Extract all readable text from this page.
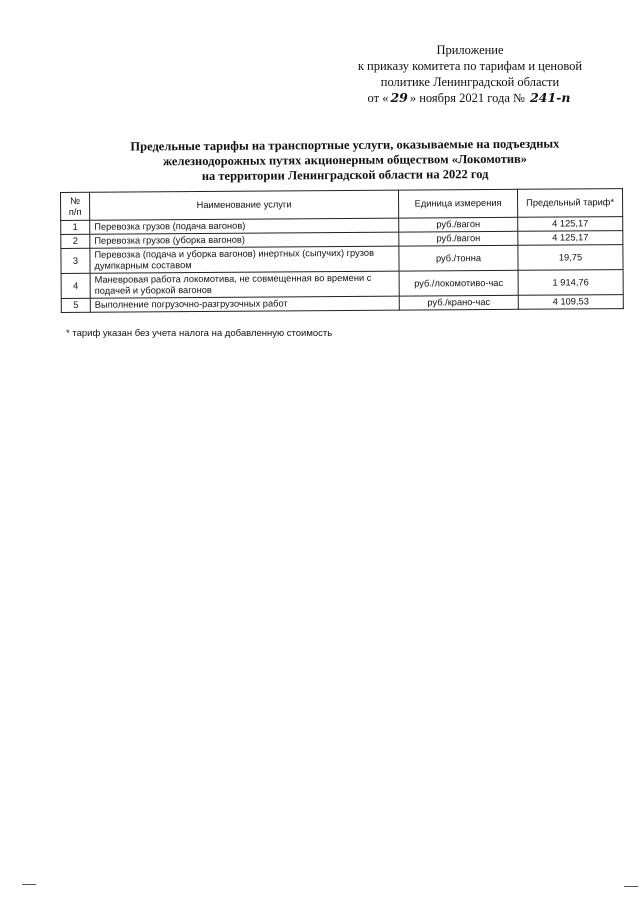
Приложение
к приказу комитета по тарифам и ценовой
политике Ленинградской области
от « 29 » ноября 2021 года № 241-п
Предельные тарифы на транспортные услуги, оказываемые на подъездных
железнодорожных путях акционерным обществом «Локомотив»
на территории Ленинградской области на 2022 год
№
п/п	Наименование услуги	Единица измерения	Предельный тариф*
1	Перевозка грузов (подача вагонов)	руб./вагон	4 125,17
2	Перевозка грузов (уборка вагонов)	руб./вагон	4 125,17
3	Перевозка (подача и уборка вагонов) инертных (сыпучих) грузов думпкарным составом	руб./тонна	19,75
4	Маневровая работа локомотива, не совмещенная во времени с подачей и уборкой вагонов	руб./локомотиво-час	1 914,76
5	Выполнение погрузочно-разгрузочных работ	руб./крано-час	4 109,53
* тариф указан без учета налога на добавленную стоимость
